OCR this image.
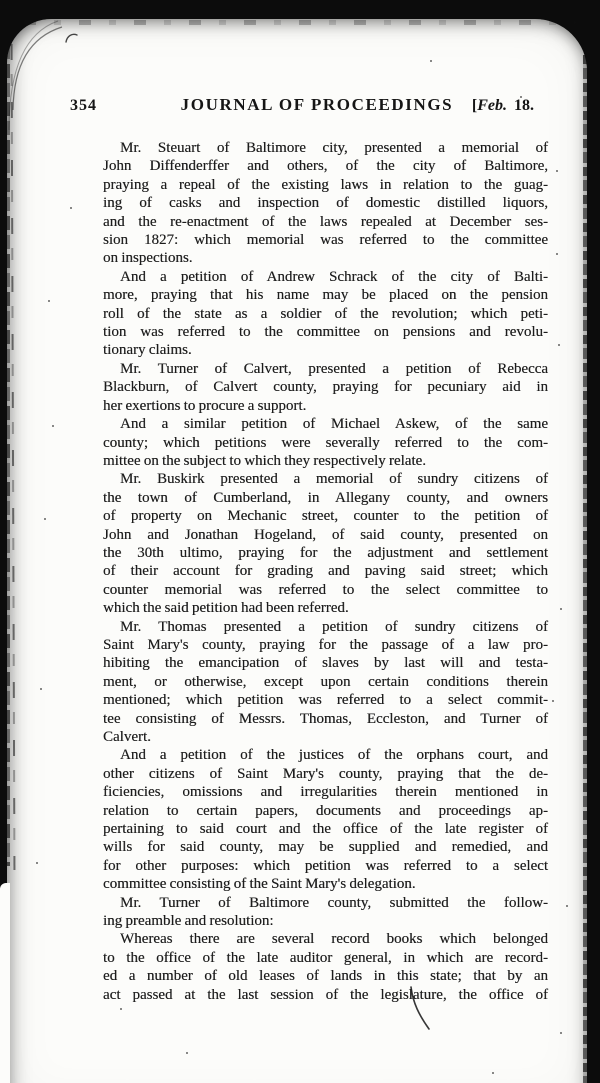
354	JOURNAL OF PROCEEDINGS	[Feb. 18.
Mr. Steuart of Baltimore city, presented a memorial of
John Diffenderffer and others, of the city of Baltimore,
praying a repeal of the existing laws in relation to the guag-
ing of casks and inspection of domestic distilled liquors,
and the re-enactment of the laws repealed at December ses-
sion 1827: which memorial was referred to the committee
on inspections.
And a petition of Andrew Schrack of the city of Balti-
more, praying that his name may be placed on the pension
roll of the state as a soldier of the revolution; which peti-
tion was referred to the committee on pensions and revolu-
tionary claims.
Mr. Turner of Calvert, presented a petition of Rebecca
Blackburn, of Calvert county, praying for pecuniary aid in
her exertions to procure a support.
And a similar petition of Michael Askew, of the same
county; which petitions were severally referred to the com-
mittee on the subject to which they respectively relate.
Mr. Buskirk presented a memorial of sundry citizens of
the town of Cumberland, in Allegany county, and owners
of property on Mechanic street, counter to the petition of
John and Jonathan Hogeland, of said county, presented on
the 30th ultimo, praying for the adjustment and settlement
of their account for grading and paving said street; which
counter memorial was referred to the select committee to
which the said petition had been referred.
Mr. Thomas presented a petition of sundry citizens of
Saint Mary's county, praying for the passage of a law pro-
hibiting the emancipation of slaves by last will and testa-
ment, or otherwise, except upon certain conditions therein
mentioned; which petition was referred to a select commit-
tee consisting of Messrs. Thomas, Eccleston, and Turner of
Calvert.
And a petition of the justices of the orphans court, and
other citizens of Saint Mary's county, praying that the de-
ficiencies, omissions and irregularities therein mentioned in
relation to certain papers, documents and proceedings ap-
pertaining to said court and the office of the late register of
wills for said county, may be supplied and remedied, and
for other purposes: which petition was referred to a select
committee consisting of the Saint Mary's delegation.
Mr. Turner of Baltimore county, submitted the follow-
ing preamble and resolution:
Whereas there are several record books which belonged
to the office of the late auditor general, in which are record-
ed a number of old leases of lands in this state; that by an
act passed at the last session of the legislature, the office of
